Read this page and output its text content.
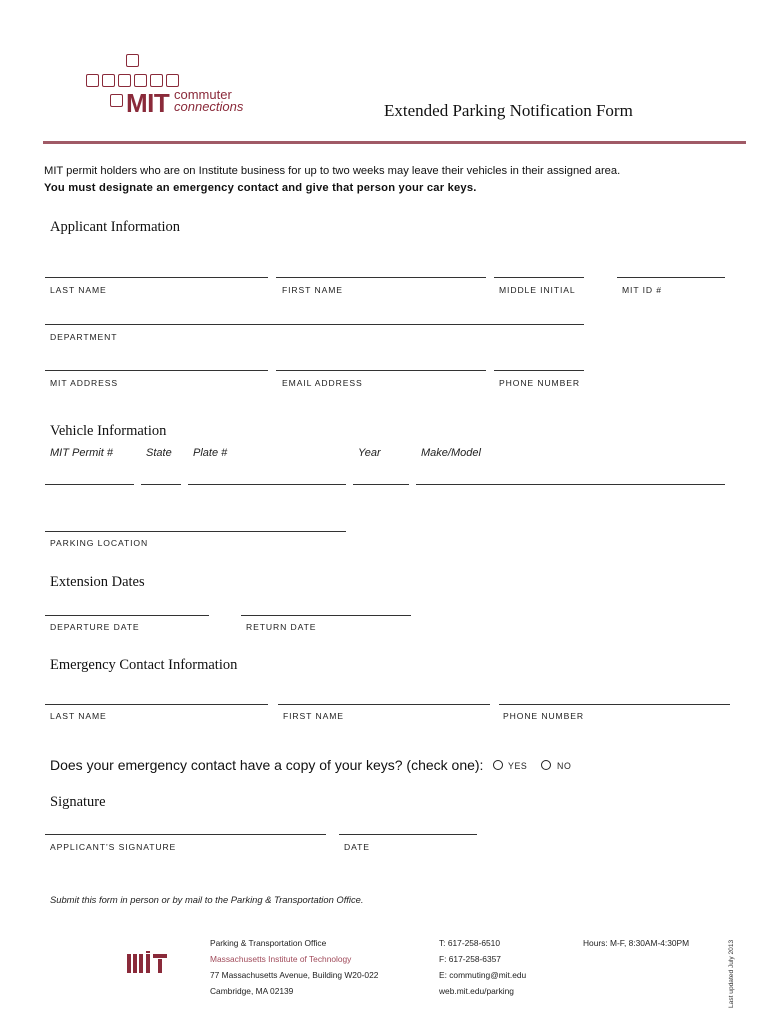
MIT commuter
connections	Extended Parking Notification Form
MIT permit holders who are on Institute business for up to two weeks may leave their vehicles in their assigned area.
You must designate an emergency contact and give that person your car keys.
Applicant Information
LAST NAME	FIRST NAME	MIDDLE INITIAL	MIT ID #
DEPARTMENT
MIT ADDRESS	EMAIL ADDRESS	PHONE NUMBER
Vehicle Information
MIT Permit #	State Plate #	Year	Make/Model
PARKING LOCATION
Extension Dates
DEPARTURE DATE	RETURN DATE
Emergency Contact Information
LAST NAME	FIRST NAME	PHONE NUMBER
Does your emergency contact have a copy of your keys? (check one):	YES	NO
Signature
APPLICANT’S SIGNATURE	DATE
Submit this form in person or by mail to the Parking & Transportation Office.
Parking & Transportation Office
Massachusetts Institute of Technology
77 Massachusetts Avenue, Building W20-022
Cambridge, MA 02139
T: 617-258-6510
F: 617-258-6357
E: commuting@mit.edu
web.mit.edu/parking
Hours: M-F, 8:30AM-4:30PM	Last updated July 2013
